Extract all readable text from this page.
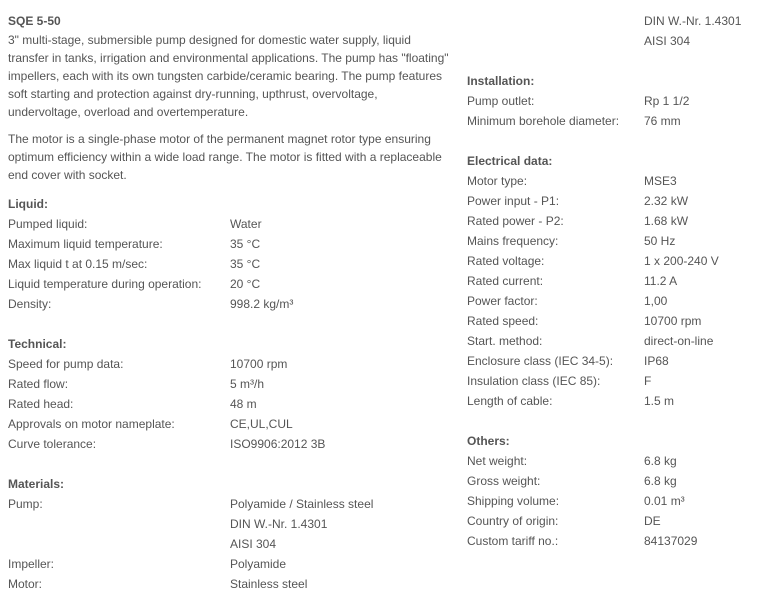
SQE 5-50

3" multi-stage, submersible pump designed for domestic water supply, liquid transfer in tanks, irrigation and environmental applications. The pump has "floating" impellers, each with its own tungsten carbide/ceramic bearing. The pump features soft starting and protection against dry-running, upthrust, overvoltage, undervoltage, overload and overtemperature.

The motor is a single-phase motor of the permanent magnet rotor type ensuring optimum efficiency within a wide load range. The motor is fitted with a replaceable end cover with socket.

Liquid:
Pumped liquid:	Water
Maximum liquid temperature:	35 °C
Max liquid t at 0.15 m/sec:	35 °C
Liquid temperature during operation:	20 °C
Density:	998.2 kg/m³
Technical:
Speed for pump data:	10700 rpm
Rated flow:	5 m³/h
Rated head:	48 m
Approvals on motor nameplate:	CE,UL,CUL
Curve tolerance:	ISO9906:2012 3B
Materials:
Pump:	Polyamide / Stainless steel
DIN W.-Nr. 1.4301
AISI 304
Impeller:	Polyamide
Motor:	Stainless steel
DIN W.-Nr. 1.4301
AISI 304
Installation:
Pump outlet:	Rp 1 1/2
Minimum borehole diameter:	76 mm
Electrical data:
Motor type:	MSE3
Power input - P1:	2.32 kW
Rated power - P2:	1.68 kW
Mains frequency:	50 Hz
Rated voltage:	1 x 200-240 V
Rated current:	11.2 A
Power factor:	1,00
Rated speed:	10700 rpm
Start. method:	direct-on-line
Enclosure class (IEC 34-5):	IP68
Insulation class (IEC 85):	F
Length of cable:	1.5 m
Others:
Net weight:	6.8 kg
Gross weight:	6.8 kg
Shipping volume:	0.01 m³
Country of origin:	DE
Custom tariff no.:	84137029
